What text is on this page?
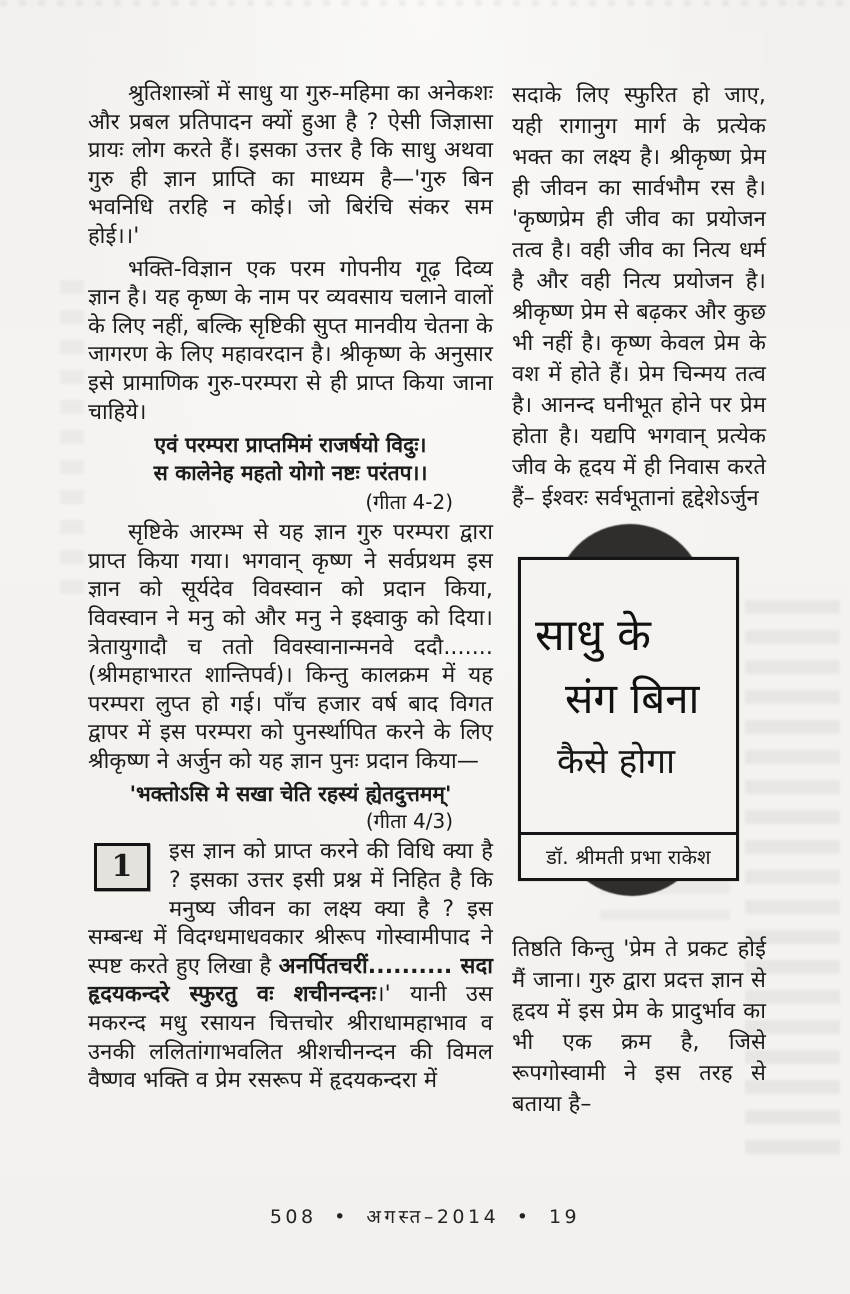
श्रुतिशास्त्रों में साधु या गुरु-महिमा का अनेकशः और प्रबल प्रतिपादन क्यों हुआ है ? ऐसी जिज्ञासा प्रायः लोग करते हैं। इसका उत्तर है कि साधु अथवा गुरु ही ज्ञान प्राप्ति का माध्यम है—'गुरु बिन भवनिधि तरहि न कोई। जो बिरंचि संकर सम होई।।'

भक्ति-विज्ञान एक परम गोपनीय गूढ़ दिव्य ज्ञान है। यह कृष्ण के नाम पर व्यवसाय चलाने वालों के लिए नहीं, बल्कि सृष्टिकी सुप्त मानवीय चेतना के जागरण के लिए महावरदान है। श्रीकृष्ण के अनुसार इसे प्रामाणिक गुरु-परम्परा से ही प्राप्त किया जाना चाहिये।

एवं परम्परा प्राप्तमिमं राजर्षयो विदुः।
स कालेनेह महतो योगो नष्टः परंतप।।
(गीता 4-2)

सृष्टिके आरम्भ से यह ज्ञान गुरु परम्परा द्वारा प्राप्त किया गया। भगवान् कृष्ण ने सर्वप्रथम इस ज्ञान को सूर्यदेव विवस्वान को प्रदान किया, विवस्वान ने मनु को और मनु ने इक्ष्वाकु को दिया। त्रेतायुगादौ च ततो विवस्वानान्मनवे ददौ....... (श्रीमहाभारत शान्तिपर्व)। किन्तु कालक्रम में यह परम्परा लुप्त हो गई। पाँच हजार वर्ष बाद विगत द्वापर में इस परम्परा को पुनर्स्थापित करने के लिए श्रीकृष्ण ने अर्जुन को यह ज्ञान पुनः प्रदान किया—

'भक्तोऽसि मे सखा चेति रहस्यं ह्येतदुत्तमम्'
(गीता 4/3)

1 इस ज्ञान को प्राप्त करने की विधि क्या है ? इसका उत्तर इसी प्रश्न में निहित है कि मनुष्य जीवन का लक्ष्य क्या है ? इस सम्बन्ध में विदग्धमाधवकार श्रीरूप गोस्वामीपाद ने स्पष्ट करते हुए लिखा है अनर्पितचरीं.......... सदा हृदयकन्दरे स्फुरतु वः शचीनन्दनः।' यानी उस मकरन्द मधु रसायन चित्तचोर श्रीराधामहाभाव व उनकी ललितांगाभवलित श्रीशचीनन्दन की विमल वैष्णव भक्ति व प्रेम रसरूप में हृदयकन्दरा में

सदाके लिए स्फुरित हो जाए, यही रागानुग मार्ग के प्रत्येक भक्त का लक्ष्य है। श्रीकृष्ण प्रेम ही जीवन का सार्वभौम रस है। 'कृष्णप्रेम ही जीव का प्रयोजन तत्व है। वही जीव का नित्य धर्म है और वही नित्य प्रयोजन है। श्रीकृष्ण प्रेम से बढ़कर और कुछ भी नहीं है। कृष्ण केवल प्रेम के वश में होते हैं। प्रेम चिन्मय तत्व है। आनन्द घनीभूत होने पर प्रेम होता है। यद्यपि भगवान् प्रत्येक जीव के हृदय में ही निवास करते हैं– ईश्वरः सर्वभूतानां हृद्देशेऽर्जुन

साधु के
संग बिना
कैसे होगा
डॉ. श्रीमती प्रभा राकेश

तिष्ठति किन्तु 'प्रेम ते प्रकट होई मैं जाना। गुरु द्वारा प्रदत्त ज्ञान से हृदय में इस प्रेम के प्रादुर्भाव का भी एक क्रम है, जिसे रूपगोस्वामी ने इस तरह से बताया है–

508 • अगस्त–2014 • 19
